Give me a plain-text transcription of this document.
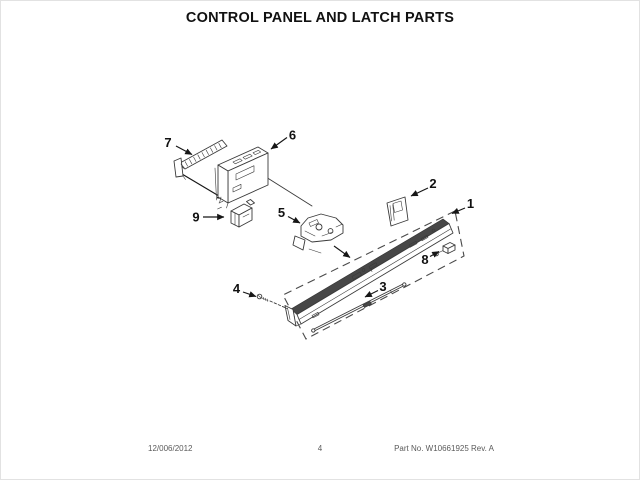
CONTROL PANEL AND LATCH PARTS
1
2
3
4
5
6
7
8
9
12/006/2012	4	Part No. W10661925 Rev. A
